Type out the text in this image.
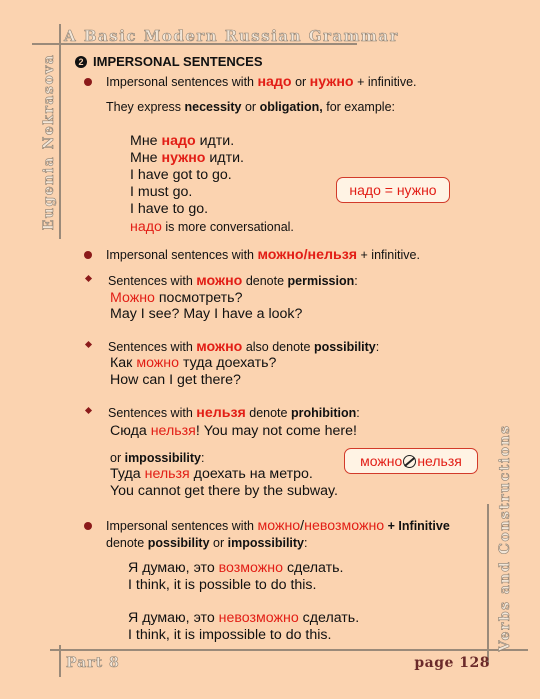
A Basic Modern Russian Grammar
Eugenia Nekrasova
Verbs and Constructions
Part 8	page 128
2 IMPERSONAL SENTENCES
Impersonal sentences with надо or нужно + infinitive.
They express necessity or obligation, for example:
Мне надо идти.
Мне нужно идти.
I have got to go.
I must go.
I have to go.
надо is more conversational.
надо = нужно
Impersonal sentences with можно/нельзя + infinitive.
Sentences with можно denote permission:
Можно посмотреть?
May I see? May I have a look?
Sentences with можно also denote possibility:
Как можно туда доехать?
How can I get there?
Sentences with нельзя denote prohibition:
Сюда нельзя! You may not come here!
or impossibility:
Туда нельзя доехать на метро.
You cannot get there by the subway.
можно нельзя
Impersonal sentences with можно/невозможно + Infinitive
denote possibility or impossibility:
Я думаю, это возможно сделать.
I think, it is possible to do this.
Я думаю, это невозможно сделать.
I think, it is impossible to do this.
